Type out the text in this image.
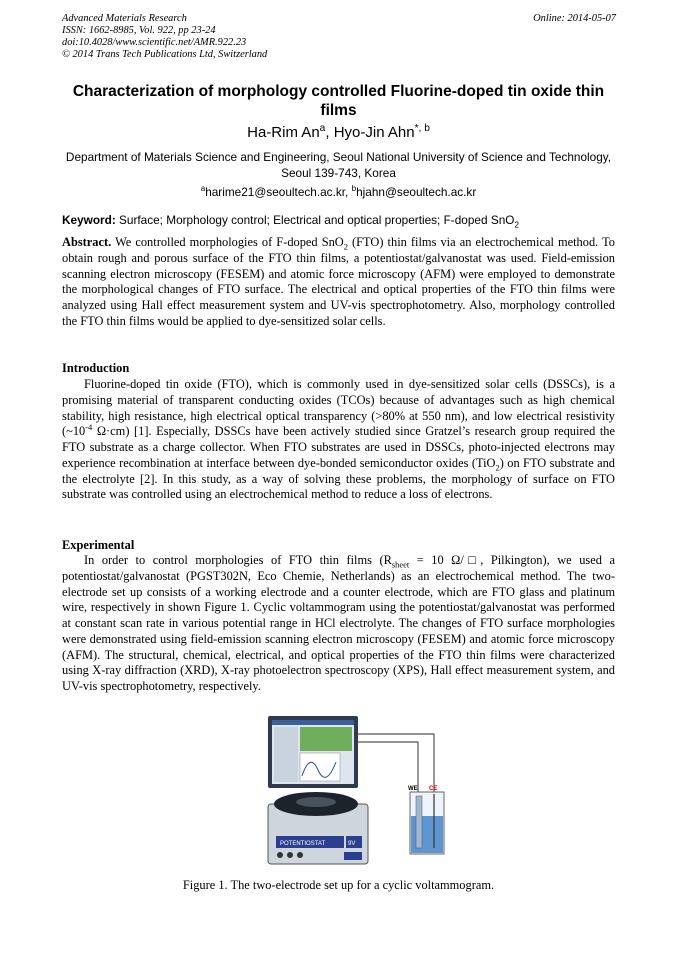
Advanced Materials Research
ISSN: 1662-8985, Vol. 922, pp 23-24
doi:10.4028/www.scientific.net/AMR.922.23
© 2014 Trans Tech Publications Ltd, Switzerland
Online: 2014-05-07
Characterization of morphology controlled Fluorine-doped tin oxide thin films
Ha-Rim An$^a$, Hyo-Jin Ahn$^{*, b}$
Department of Materials Science and Engineering, Seoul National University of Science and Technology, Seoul 139-743, Korea
$^a$harime21@seoultech.ac.kr, $^b$hjahn@seoultech.ac.kr
Keyword: Surface; Morphology control; Electrical and optical properties; F-doped SnO$_2$
Abstract. We controlled morphologies of F-doped SnO$_2$ (FTO) thin films via an electrochemical method. To obtain rough and porous surface of the FTO thin films, a potentiostat/galvanostat was used. Field-emission scanning electron microscopy (FESEM) and atomic force microscopy (AFM) were employed to demonstrate the morphological changes of FTO surface. The electrical and optical properties of the FTO thin films were analyzed using Hall effect measurement system and UV-vis spectrophotometry. Also, morphology controlled the FTO thin films would be applied to dye-sensitized solar cells.
Introduction
Fluorine-doped tin oxide (FTO), which is commonly used in dye-sensitized solar cells (DSSCs), is a promising material of transparent conducting oxides (TCOs) because of advantages such as high chemical stability, high resistance, high electrical optical transparency (>80% at 550 nm), and low electrical resistivity ($\sim 10^{-4}$ Ω·cm) [1]. Especially, DSSCs have been actively studied since Gratzel’s research group required the FTO substrate as a charge collector. When FTO substrates are used in DSSCs, photo-injected electrons may experience recombination at interface between dye-bonded semiconductor oxides (TiO$_2$) on FTO substrate and the electrolyte [2]. In this study, as a way of solving these problems, the morphology of surface on FTO substrate was controlled using an electrochemical method to reduce a loss of electrons.
Experimental
In order to control morphologies of FTO thin films ($R_{sheet} = 10$ Ω/□, Pilkington), we used a potentiostat/galvanostat (PGST302N, Eco Chemie, Netherlands) as an electrochemical method. The two-electrode set up consists of a working electrode and a counter electrode, which are FTO glass and platinum wire, respectively in shown Figure 1. Cyclic voltammogram using the potentiostat/galvanostat was performed at constant scan rate in various potential range in HCl electrolyte. The changes of FTO surface morphologies were demonstrated using field-emission scanning electron microscopy (FESEM) and atomic force microscopy (AFM). The structural, chemical, electrical, and optical properties of the FTO thin films were characterized using X-ray diffraction (XRD), X-ray photoelectron spectroscopy (XPS), Hall effect measurement system, and UV-vis spectrophotometry, respectively.
POTENTIOSTAT	9V
WE CE
Figure 1. The two-electrode set up for a cyclic voltammogram.
